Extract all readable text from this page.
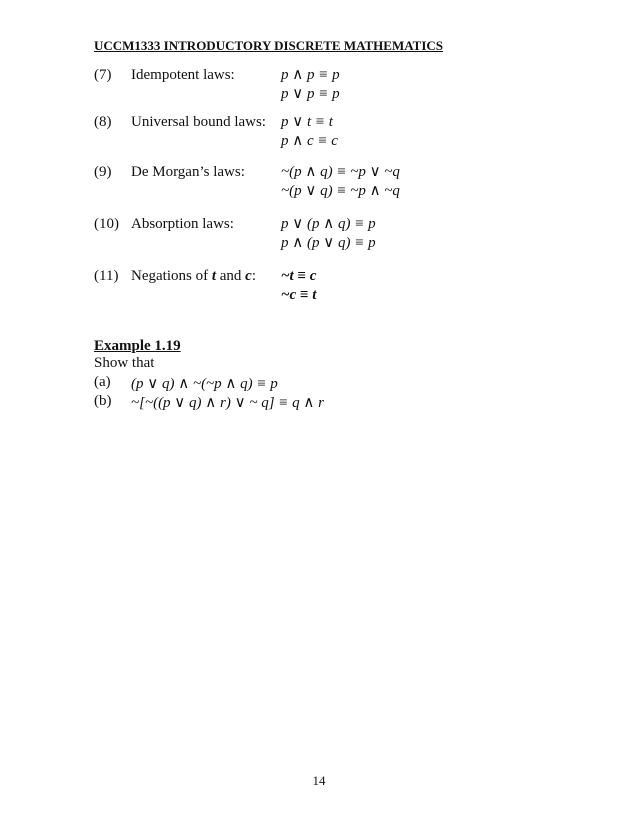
UCCM1333 INTRODUCTORY DISCRETE MATHEMATICS
(7) Idempotent laws:	p ∧ p ≡ p
p ∨ p ≡ p
(8) Universal bound laws: p ∨ t ≡ t
p ∧ c ≡ c
(9) De Morgan’s laws: ~(p ∧ q) ≡ ~p ∨ ~q
~(p ∨ q) ≡ ~p ∧ ~q
(10) Absorption laws:	p ∨ (p ∧ q) ≡ p
p ∧ (p ∨ q) ≡ p
(11) Negations of t and c: ~t ≡ c
~c ≡ t
Example 1.19
Show that
(a) (p ∨ q) ∧ ~(~p ∧ q) ≡ p
(b) ~[~((p ∨ q) ∧ r) ∨ ~ q] ≡ q ∧ r
14
